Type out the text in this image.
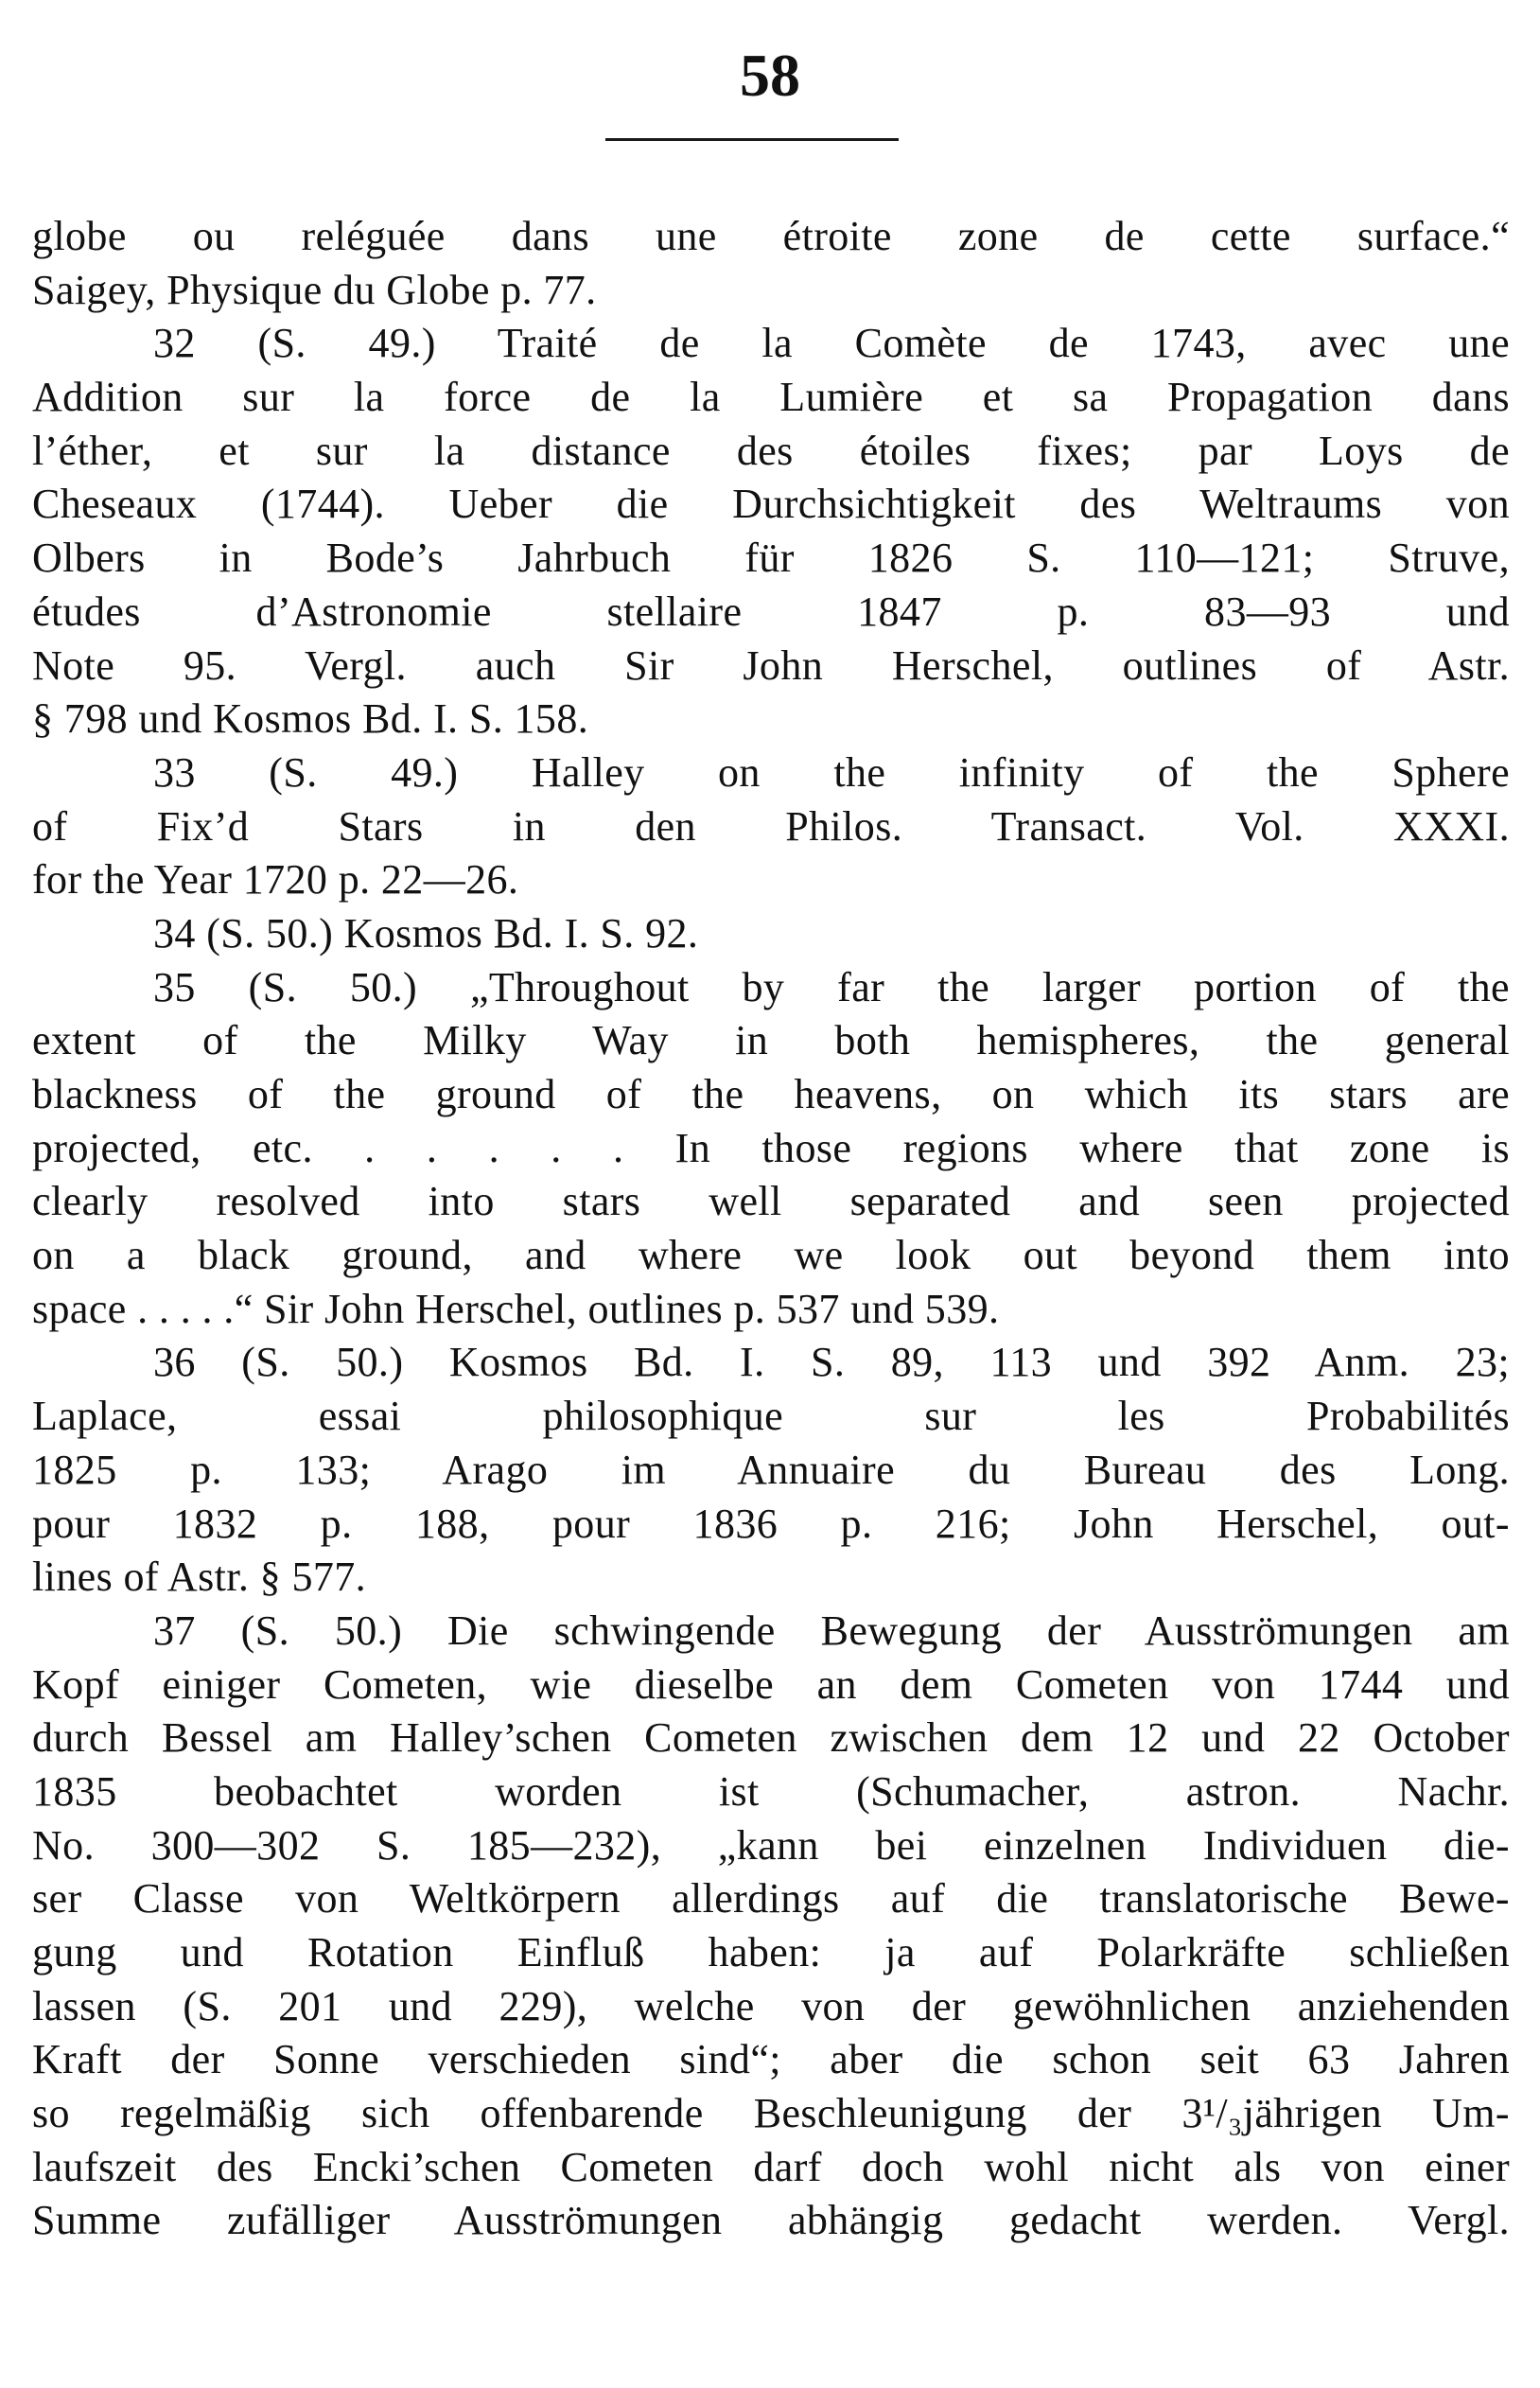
58
globe ou reléguée dans une étroite zone de cette surface.“
Saigey, Physique du Globe p. 77.
32 (S. 49.) Traité de la Comète de 1743, avec une
Addition sur la force de la Lumière et sa Propagation dans
l’éther, et sur la distance des étoiles fixes; par Loys de
Cheseaux (1744). Ueber die Durchsichtigkeit des Weltraums von
Olbers in Bode’s Jahrbuch für 1826 S. 110—121; Struve,
études d’Astronomie stellaire 1847 p. 83—93 und
Note 95. Vergl. auch Sir John Herschel, outlines of Astr.
§ 798 und Kosmos Bd. I. S. 158.
33 (S. 49.) Halley on the infinity of the Sphere
of Fix’d Stars in den Philos. Transact. Vol. XXXI.
for the Year 1720 p. 22—26.
34 (S. 50.) Kosmos Bd. I. S. 92.
35 (S. 50.) „Throughout by far the larger portion of the
extent of the Milky Way in both hemispheres, the general
blackness of the ground of the heavens, on which its stars are
projected, etc. . . . . . In those regions where that zone is
clearly resolved into stars well separated and seen projected
on a black ground, and where we look out beyond them into
space . . . . .“ Sir John Herschel, outlines p. 537 und 539.
36 (S. 50.) Kosmos Bd. I. S. 89, 113 und 392 Anm. 23;
Laplace, essai philosophique sur les Probabilités
1825 p. 133; Arago im Annuaire du Bureau des Long.
pour 1832 p. 188, pour 1836 p. 216; John Herschel, out-
lines of Astr. § 577.
37 (S. 50.) Die schwingende Bewegung der Ausströmungen am
Kopf einiger Cometen, wie dieselbe an dem Cometen von 1744 und
durch Bessel am Halley’schen Cometen zwischen dem 12 und 22 October
1835 beobachtet worden ist (Schumacher, astron. Nachr.
No. 300—302 S. 185—232), „kann bei einzelnen Individuen die-
ser Classe von Weltkörpern allerdings auf die translatorische Bewe-
gung und Rotation Einfluß haben: ja auf Polarkräfte schließen
lassen (S. 201 und 229), welche von der gewöhnlichen anziehenden
Kraft der Sonne verschieden sind“; aber die schon seit 63 Jahren
so regelmäßig sich offenbarende Beschleunigung der 3¹/₃jährigen Um-
laufszeit des Encki’schen Cometen darf doch wohl nicht als von einer
Summe zufälliger Ausströmungen abhängig gedacht werden. Vergl.
